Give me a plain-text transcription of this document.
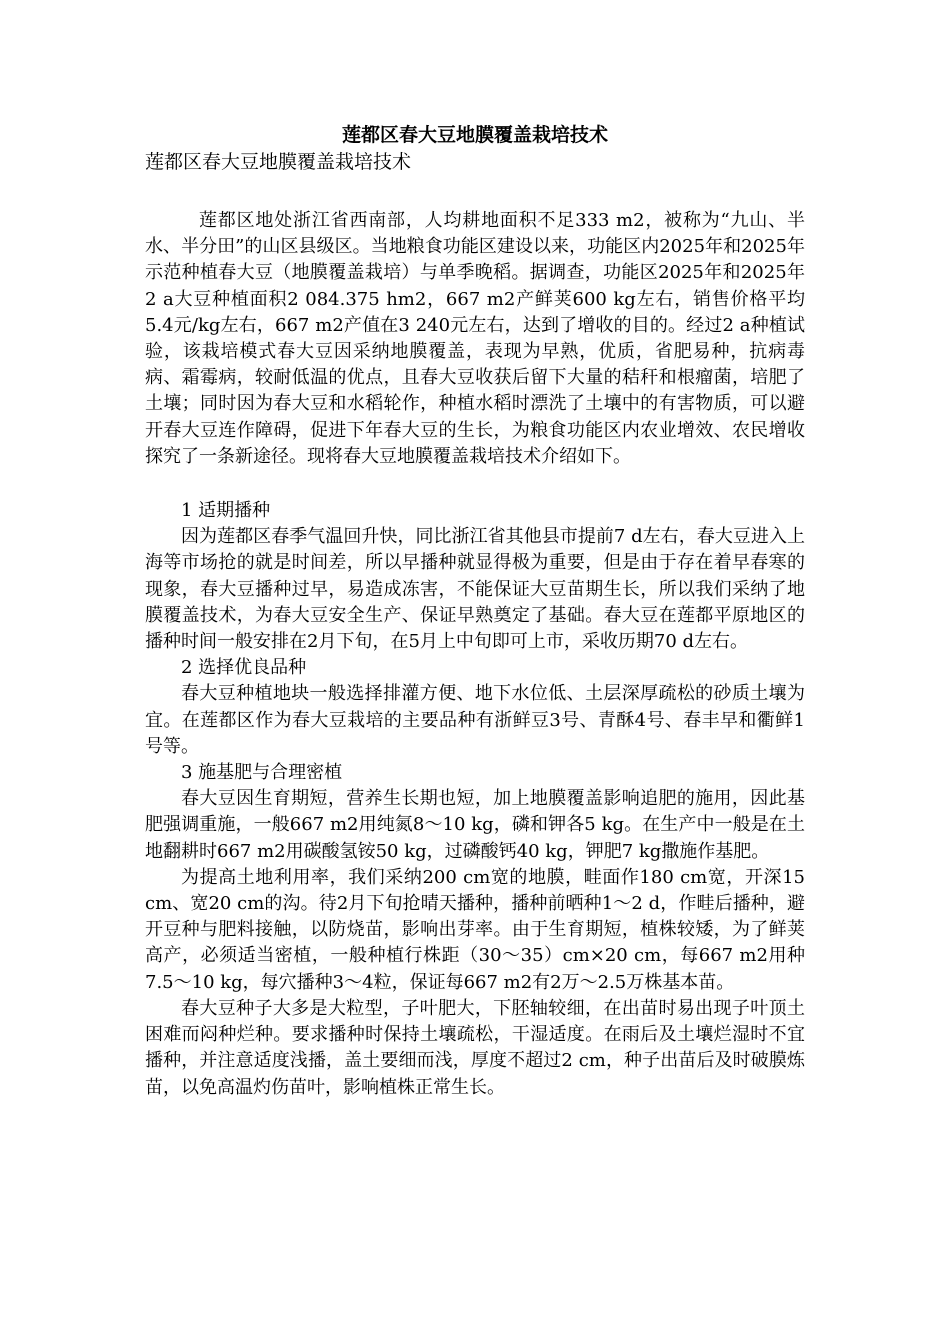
莲都区春大豆地膜覆盖栽培技术

莲都区春大豆地膜覆盖栽培技术

莲都区地处浙江省西南部，人均耕地面积不足333 m2，被称为“九山、半水、半分田”的山区县级区。当地粮食功能区建设以来，功能区内2025年和2025年示范种植春大豆（地膜覆盖栽培）与单季晚稻。据调查，功能区2025年和2025年2 a大豆种植面积2 084.375 hm2，667 m2产鲜荚600 kg左右，销售价格平均5.4元/kg左右，667 m2产值在3 240元左右，达到了增收的目的。经过2 a种植试验，该栽培模式春大豆因采纳地膜覆盖，表现为早熟，优质，省肥易种，抗病毒病、霜霉病，较耐低温的优点，且春大豆收获后留下大量的秸秆和根瘤菌，培肥了土壤；同时因为春大豆和水稻轮作，种植水稻时漂洗了土壤中的有害物质，可以避开春大豆连作障碍，促进下年春大豆的生长，为粮食功能区内农业增效、农民增收探究了一条新途径。现将春大豆地膜覆盖栽培技术介绍如下。

1 适期播种

因为莲都区春季气温回升快，同比浙江省其他县市提前7 d左右，春大豆进入上海等市场抢的就是时间差，所以早播种就显得极为重要，但是由于存在着早春寒的现象，春大豆播种过早，易造成冻害，不能保证大豆苗期生长，所以我们采纳了地膜覆盖技术，为春大豆安全生产、保证早熟奠定了基础。春大豆在莲都平原地区的播种时间一般安排在2月下旬，在5月上中旬即可上市，采收历期70 d左右。

2 选择优良品种

春大豆种植地块一般选择排灌方便、地下水位低、土层深厚疏松的砂质土壤为宜。在莲都区作为春大豆栽培的主要品种有浙鲜豆3号、青酥4号、春丰早和衢鲜1号等。

3 施基肥与合理密植

春大豆因生育期短，营养生长期也短，加上地膜覆盖影响追肥的施用，因此基肥强调重施，一般667 m2用纯氮8～10 kg，磷和钾各5 kg。在生产中一般是在土地翻耕时667 m2用碳酸氢铵50 kg，过磷酸钙40 kg，钾肥7 kg撒施作基肥。

为提高土地利用率，我们采纳200 cm宽的地膜，畦面作180 cm宽，开深15 cm、宽20 cm的沟。待2月下旬抢晴天播种，播种前晒种1～2 d，作畦后播种，避开豆种与肥料接触，以防烧苗，影响出芽率。由于生育期短，植株较矮，为了鲜荚高产，必须适当密植，一般种植行株距（30～35）cm×20 cm，每667 m2用种7.5～10 kg，每穴播种3～4粒，保证每667 m2有2万～2.5万株基本苗。

春大豆种子大多是大粒型，子叶肥大，下胚轴较细，在出苗时易出现子叶顶土困难而闷种烂种。要求播种时保持土壤疏松，干湿适度。在雨后及土壤烂湿时不宜播种，并注意适度浅播，盖土要细而浅，厚度不超过2 cm，种子出苗后及时破膜炼苗，以免高温灼伤苗叶，影响植株正常生长。
